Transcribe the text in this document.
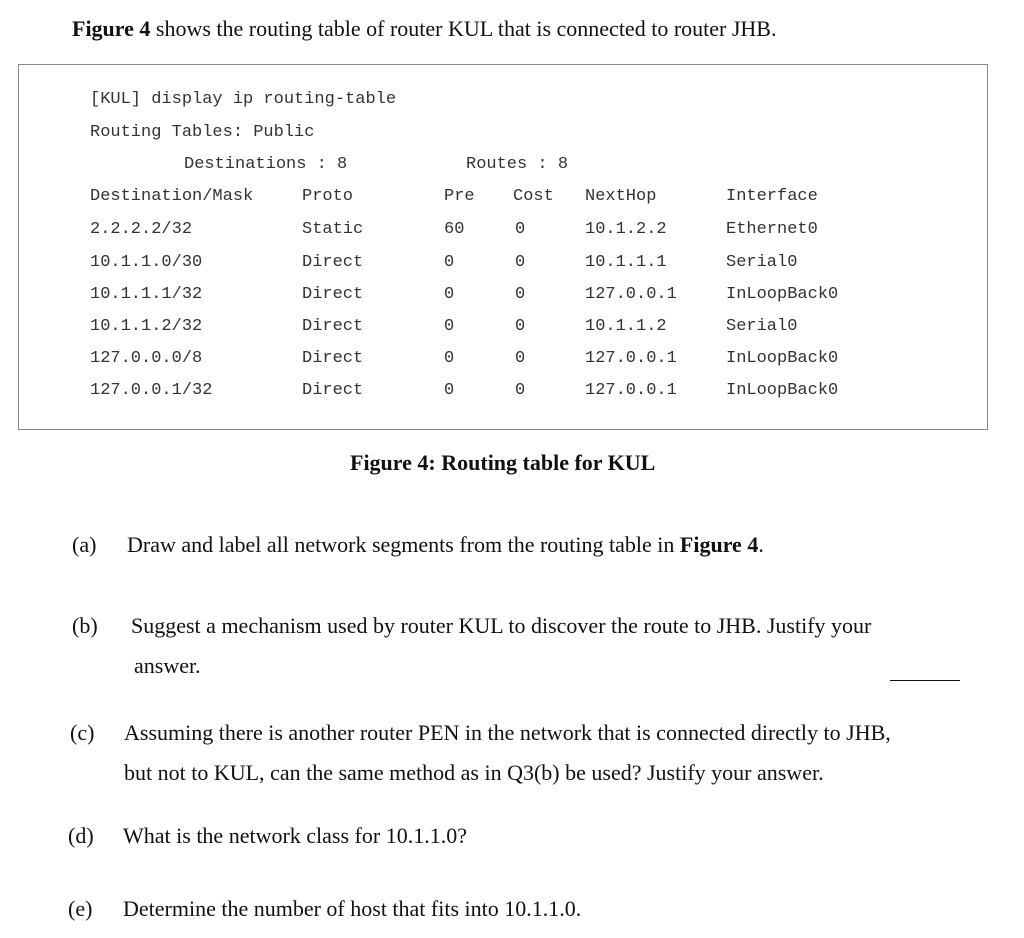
Figure 4 shows the routing table of router KUL that is connected to router JHB.
[KUL] display ip routing-table
Routing Tables: Public
Destinations : 8	Routes : 8
Destination/Mask	Proto	Pre Cost NextHop	Interface
2.2.2.2/32	Static	60	0	10.1.2.2	Ethernet0
10.1.1.0/30	Direct	0	0	10.1.1.1	Serial0
10.1.1.1/32	Direct	0	0	127.0.0.1	InLoopBack0
10.1.1.2/32	Direct	0	0	10.1.1.2	Serial0
127.0.0.0/8	Direct	0	0	127.0.0.1	InLoopBack0
127.0.0.1/32	Direct	0	0	127.0.0.1	InLoopBack0
Figure 4: Routing table for KUL
(a) Draw and label all network segments from the routing table in Figure 4.
(b) Suggest a mechanism used by router KUL to discover the route to JHB. Justify your
answer.
(c) Assuming there is another router PEN in the network that is connected directly to JHB,
but not to KUL, can the same method as in Q3(b) be used? Justify your answer.
(d) What is the network class for 10.1.1.0?
(e) Determine the number of host that fits into 10.1.1.0.
